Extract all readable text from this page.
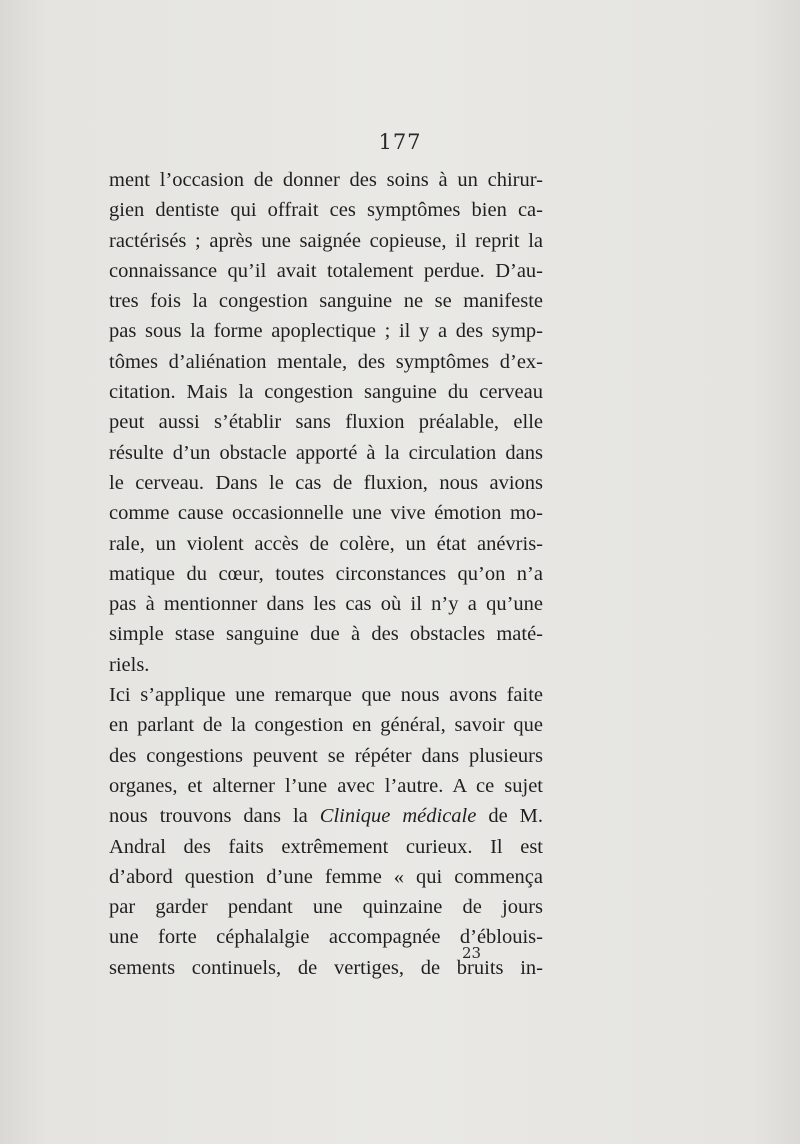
177
ment l’occasion de donner des soins à un chirur-
gien dentiste qui offrait ces symptômes bien ca-
ractérisés ; après une saignée copieuse, il reprit la
connaissance qu’il avait totalement perdue. D’au-
tres fois la congestion sanguine ne se manifeste
pas sous la forme apoplectique ; il y a des symp-
tômes d’aliénation mentale, des symptômes d’ex-
citation. Mais la congestion sanguine du cerveau
peut aussi s’établir sans fluxion préalable, elle
résulte d’un obstacle apporté à la circulation dans
le cerveau. Dans le cas de fluxion, nous avions
comme cause occasionnelle une vive émotion mo-
rale, un violent accès de colère, un état anévris-
matique du cœur, toutes circonstances qu’on n’a
pas à mentionner dans les cas où il n’y a qu’une
simple stase sanguine due à des obstacles maté-
riels.
Ici s’applique une remarque que nous avons faite
en parlant de la congestion en général, savoir que
des congestions peuvent se répéter dans plusieurs
organes, et alterner l’une avec l’autre. A ce sujet
nous trouvons dans la Clinique médicale de M.
Andral des faits extrêmement curieux. Il est
d’abord question d’une femme « qui commença
par garder pendant une quinzaine de jours
une forte céphalalgie accompagnée d’éblouis-
sements continuels, de vertiges, de bruits in-
23
